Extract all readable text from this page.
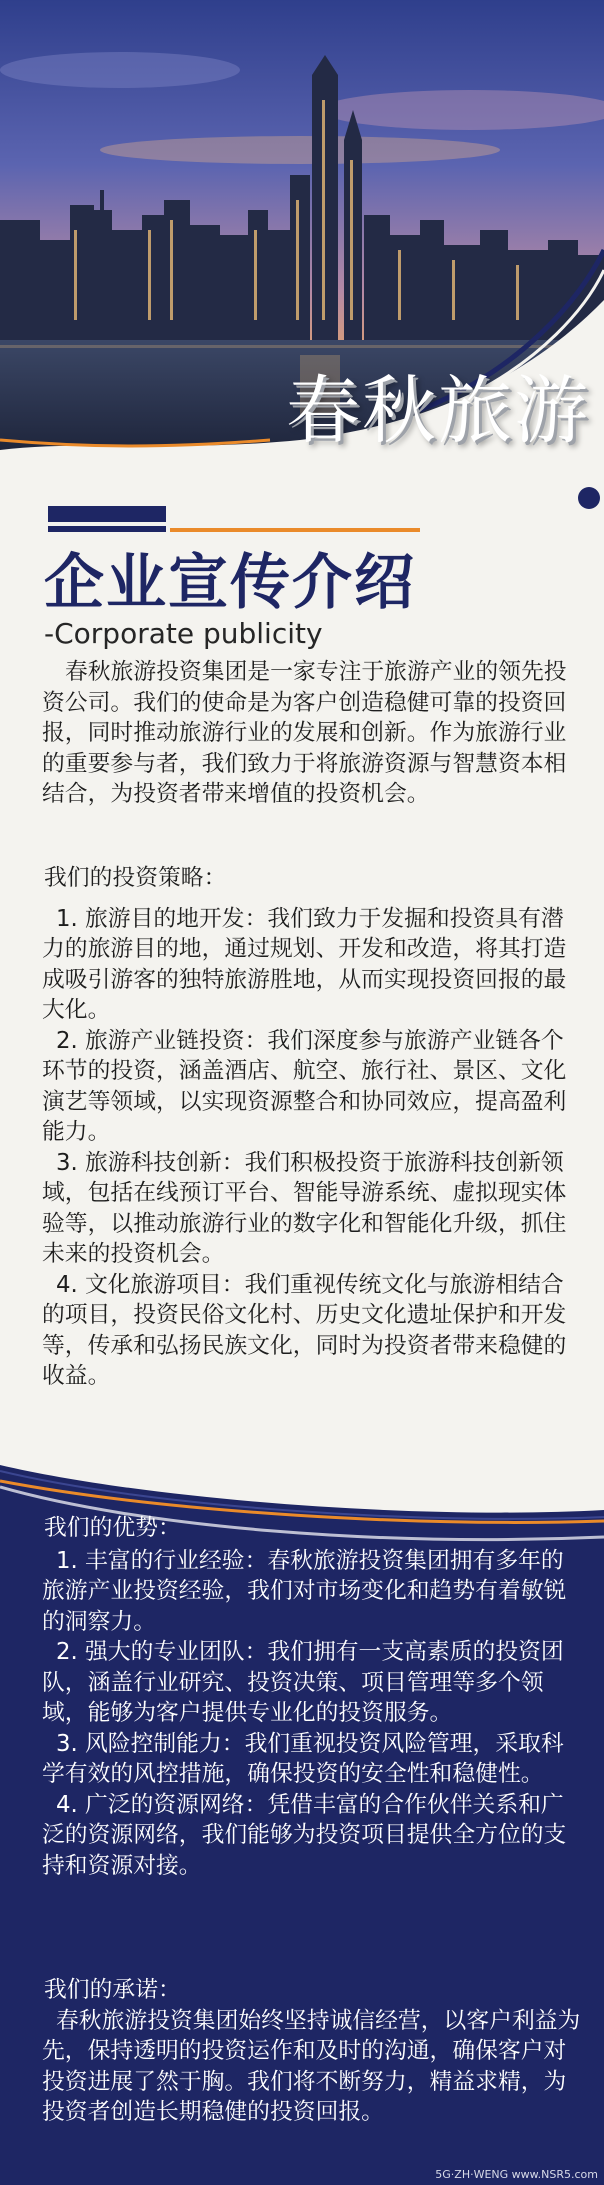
春秋旅游
企业宣传介绍
-Corporate publicity

春秋旅游投资集团是一家专注于旅游产业的领先投资公司。我们的使命是为客户创造稳健可靠的投资回报，同时推动旅游行业的发展和创新。作为旅游行业的重要参与者，我们致力于将旅游资源与智慧资本相结合，为投资者带来增值的投资机会。

我们的投资策略：

1. 旅游目的地开发：我们致力于发掘和投资具有潜力的旅游目的地，通过规划、开发和改造，将其打造成吸引游客的独特旅游胜地，从而实现投资回报的最大化。

2. 旅游产业链投资：我们深度参与旅游产业链各个环节的投资，涵盖酒店、航空、旅行社、景区、文化演艺等领域，以实现资源整合和协同效应，提高盈利能力。

3. 旅游科技创新：我们积极投资于旅游科技创新领域，包括在线预订平台、智能导游系统、虚拟现实体验等，以推动旅游行业的数字化和智能化升级，抓住未来的投资机会。

4. 文化旅游项目：我们重视传统文化与旅游相结合的项目，投资民俗文化村、历史文化遗址保护和开发等，传承和弘扬民族文化，同时为投资者带来稳健的收益。

我们的优势：

1. 丰富的行业经验：春秋旅游投资集团拥有多年的旅游产业投资经验，我们对市场变化和趋势有着敏锐的洞察力。

2. 强大的专业团队：我们拥有一支高素质的投资团队，涵盖行业研究、投资决策、项目管理等多个领域，能够为客户提供专业化的投资服务。

3. 风险控制能力：我们重视投资风险管理，采取科学有效的风控措施，确保投资的安全性和稳健性。

4. 广泛的资源网络：凭借丰富的合作伙伴关系和广泛的资源网络，我们能够为投资项目提供全方位的支持和资源对接。

我们的承诺：

春秋旅游投资集团始终坚持诚信经营，以客户利益为先，保持透明的投资运作和及时的沟通，确保客户对投资进展了然于胸。我们将不断努力，精益求精，为投资者创造长期稳健的投资回报。

5G·ZH·WENG www.NSR5.com
